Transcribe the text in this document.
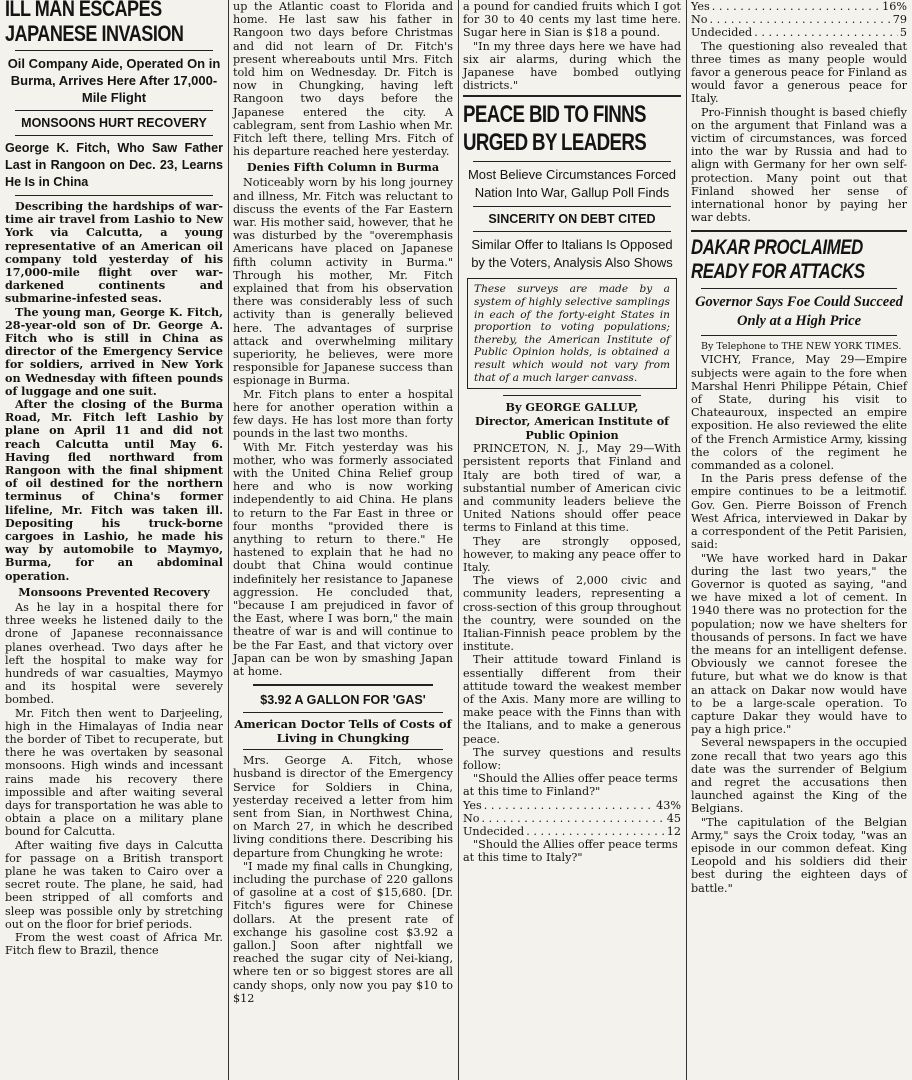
ILL MAN ESCAPES
JAPANESE INVASION

Oil Company Aide, Operated On in Burma, Arrives Here After 17,000-Mile Flight

MONSOONS HURT RECOVERY

George K. Fitch, Who Saw Father Last in Rangoon on Dec. 23, Learns He Is in China

Describing the hardships of war-time air travel from Lashio to New York via Calcutta, a young representative of an American oil company told yesterday of his 17,000-mile flight over war-darkened continents and submarine-infested seas.

The young man, George K. Fitch, 28-year-old son of Dr. George A. Fitch who is still in China as director of the Emergency Service for soldiers, arrived in New York on Wednesday with fifteen pounds of luggage and one suit.

After the closing of the Burma Road, Mr. Fitch left Lashio by plane on April 11 and did not reach Calcutta until May 6. Having fled northward from Rangoon with the final shipment of oil destined for the northern terminus of China's former lifeline, Mr. Fitch was taken ill. Depositing his truck-borne cargoes in Lashio, he made his way by automobile to Maymyo, Burma, for an abdominal operation.

Monsoons Prevented Recovery

As he lay in a hospital there for three weeks he listened daily to the drone of Japanese reconnaissance planes overhead. Two days after he left the hospital to make way for hundreds of war casualties, Maymyo and its hospital were severely bombed.

Mr. Fitch then went to Darjeeling, high in the Himalayas of India near the border of Tibet to recuperate, but there he was overtaken by seasonal monsoons. High winds and incessant rains made his recovery there impossible and after waiting several days for transportation he was able to obtain a place on a military plane bound for Calcutta.

After waiting five days in Calcutta for passage on a British transport plane he was taken to Cairo over a secret route. The plane, he said, had been stripped of all comforts and sleep was possible only by stretching out on the floor for brief periods.

From the west coast of Africa Mr. Fitch flew to Brazil, thence

up the Atlantic coast to Florida and home. He last saw his father in Rangoon two days before Christmas and did not learn of Dr. Fitch's present whereabouts until Mrs. Fitch told him on Wednesday. Dr. Fitch is now in Chungking, having left Rangoon two days before the Japanese entered the city. A cablegram, sent from Lashio when Mr. Fitch left there, telling Mrs. Fitch of his departure reached here yesterday.

Denies Fifth Column in Burma

Noticeably worn by his long journey and illness, Mr. Fitch was reluctant to discuss the events of the Far Eastern war. His mother said, however, that he was disturbed by the "overemphasis Americans have placed on Japanese fifth column activity in Burma." Through his mother, Mr. Fitch explained that from his observation there was considerably less of such activity than is generally believed here. The advantages of surprise attack and overwhelming military superiority, he believes, were more responsible for Japanese success than espionage in Burma.

Mr. Fitch plans to enter a hospital here for another operation within a few days. He has lost more than forty pounds in the last two months.

With Mr. Fitch yesterday was his mother, who was formerly associated with the United China Relief group here and who is now working independently to aid China. He plans to return to the Far East in three or four months "provided there is anything to return to there." He hastened to explain that he had no doubt that China would continue indefinitely her resistance to Japanese aggression. He concluded that, "because I am prejudiced in favor of the East, where I was born," the main theatre of war is and will continue to be the Far East, and that victory over Japan can be won by smashing Japan at home.

$3.92 A GALLON FOR 'GAS'

American Doctor Tells of Costs of Living in Chungking

Mrs. George A. Fitch, whose husband is director of the Emergency Service for Soldiers in China, yesterday received a letter from him sent from Sian, in Northwest China, on March 27, in which he described living conditions there. Describing his departure from Chungking he wrote:

"I made my final calls in Chungking, including the purchase of 220 gallons of gasoline at a cost of $15,680. [Dr. Fitch's figures were for Chinese dollars. At the present rate of exchange his gasoline cost $3.92 a gallon.] Soon after nightfall we reached the sugar city of Nei-kiang, where ten or so biggest stores are all candy shops, only now you pay $10 to $12

a pound for candied fruits which I got for 30 to 40 cents my last time here. Sugar here in Sian is $18 a pound.

"In my three days here we have had six air alarms, during which the Japanese have bombed outlying districts."

PEACE BID TO FINNS
URGED BY LEADERS

Most Believe Circumstances Forced Nation Into War, Gallup Poll Finds

SINCERITY ON DEBT CITED

Similar Offer to Italians Is Opposed by the Voters, Analysis Also Shows

These surveys are made by a system of highly selective samplings in each of the forty-eight States in proportion to voting populations; thereby, the American Institute of Public Opinion holds, is obtained a result which would not vary from that of a much larger canvass.

By GEORGE GALLUP,

Director, American Institute of Public Opinion

PRINCETON, N. J., May 29—With persistent reports that Finland and Italy are both tired of war, a substantial number of American civic and community leaders believe the United Nations should offer peace terms to Finland at this time.

They are strongly opposed, however, to making any peace offer to Italy.

The views of 2,000 civic and community leaders, representing a cross-section of this group throughout the country, were sounded on the Italian-Finnish peace problem by the institute.

Their attitude toward Finland is essentially different from their attitude toward the weakest member of the Axis. Many more are willing to make peace with the Finns than with the Italians, and to make a generous peace.

The survey questions and results follow:

"Should the Allies offer peace terms at this time to Finland?"

Yes . . .	43%
No . . .	45
Undecided . . .	12

"Should the Allies offer peace terms at this time to Italy?"

Yes . . .	16%
No . . .	79
Undecided . . .	5

The questioning also revealed that three times as many people would favor a generous peace for Finland as would favor a generous peace for Italy.

Pro-Finnish thought is based chiefly on the argument that Finland was a victim of circumstances, was forced into the war by Russia and had to align with Germany for her own self-protection. Many point out that Finland showed her sense of international honor by paying her war debts.

DAKAR PROCLAIMED
READY FOR ATTACKS

Governor Says Foe Could Succeed Only at a High Price

By Telephone to THE NEW YORK TIMES.

VICHY, France, May 29—Empire subjects were again to the fore when Marshal Henri Philippe Pétain, Chief of State, during his visit to Chateauroux, inspected an empire exposition. He also reviewed the elite of the French Armistice Army, kissing the colors of the regiment he commanded as a colonel.

In the Paris press defense of the empire continues to be a leitmotif. Gov. Gen. Pierre Boisson of French West Africa, interviewed in Dakar by a correspondent of the Petit Parisien, said:

"We have worked hard in Dakar during the last two years," the Governor is quoted as saying, "and we have mixed a lot of cement. In 1940 there was no protection for the population; now we have shelters for thousands of persons. In fact we have the means for an intelligent defense. Obviously we cannot foresee the future, but what we do know is that an attack on Dakar now would have to be a large-scale operation. To capture Dakar they would have to pay a high price."

Several newspapers in the occupied zone recall that two years ago this date was the surrender of Belgium and regret the accusations then launched against the King of the Belgians.

"The capitulation of the Belgian Army," says the Croix today, "was an episode in our common defeat. King Leopold and his soldiers did their best during the eighteen days of battle."
